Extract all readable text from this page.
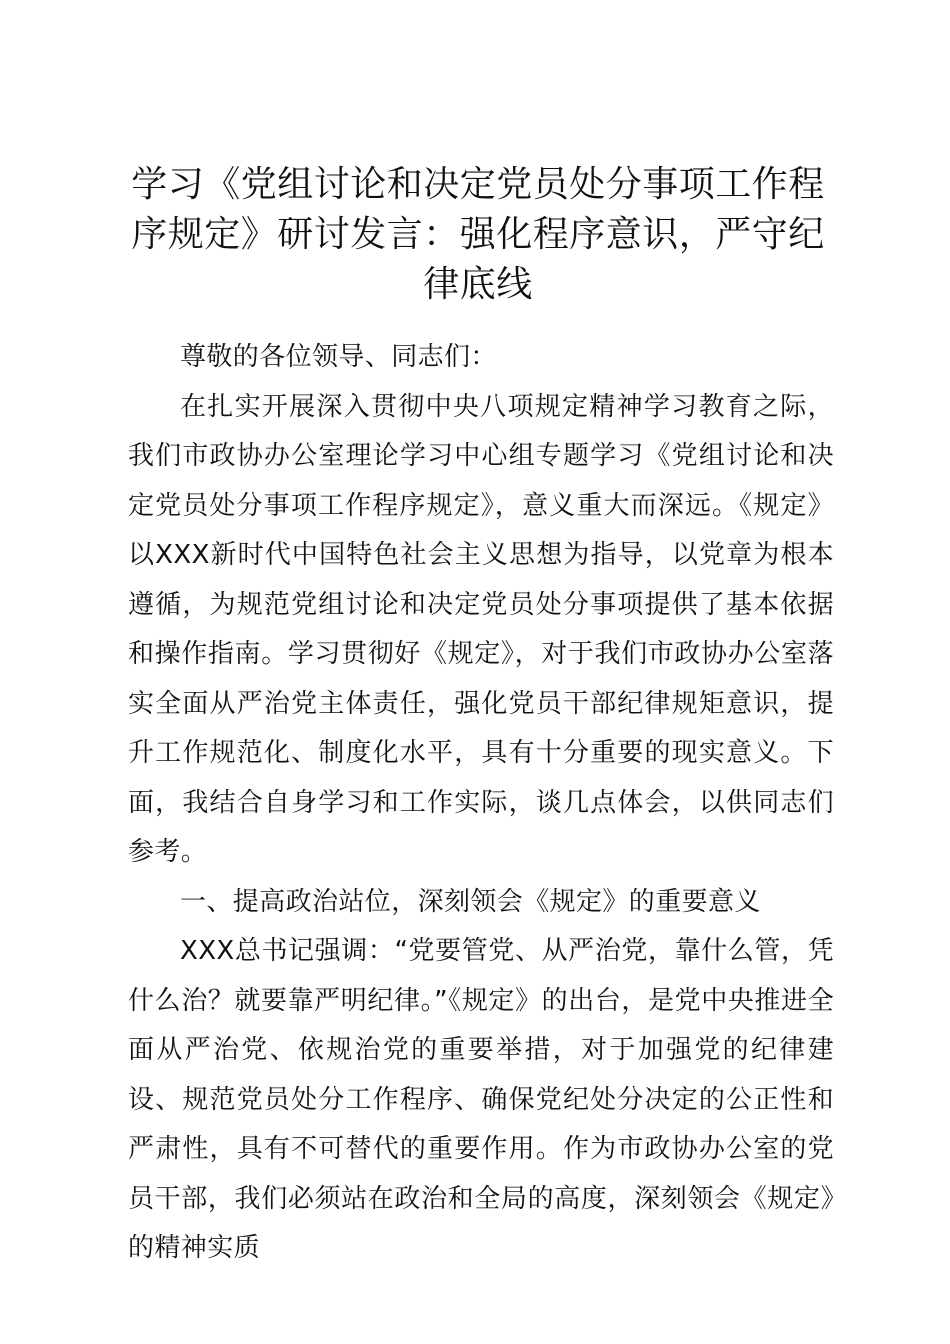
学习《党组讨论和决定党员处分事项工作程序规定》研讨发言：强化程序意识，严守纪律底线

尊敬的各位领导、同志们：

在扎实开展深入贯彻中央八项规定精神学习教育之际，我们市政协办公室理论学习中心组专题学习《党组讨论和决定党员处分事项工作程序规定》，意义重大而深远。《规定》以XXX新时代中国特色社会主义思想为指导，以党章为根本遵循，为规范党组讨论和决定党员处分事项提供了基本依据和操作指南。学习贯彻好《规定》，对于我们市政协办公室落实全面从严治党主体责任，强化党员干部纪律规矩意识，提升工作规范化、制度化水平，具有十分重要的现实意义。下面，我结合自身学习和工作实际，谈几点体会，以供同志们参考。

一、提高政治站位，深刻领会《规定》的重要意义

XXX总书记强调：“党要管党、从严治党，靠什么管，凭什么治？就要靠严明纪律。”《规定》的出台，是党中央推进全面从严治党、依规治党的重要举措，对于加强党的纪律建设、规范党员处分工作程序、确保党纪处分决定的公正性和严肃性，具有不可替代的重要作用。作为市政协办公室的党员干部，我们必须站在政治和全局的高度，深刻领会《规定》的精神实质
